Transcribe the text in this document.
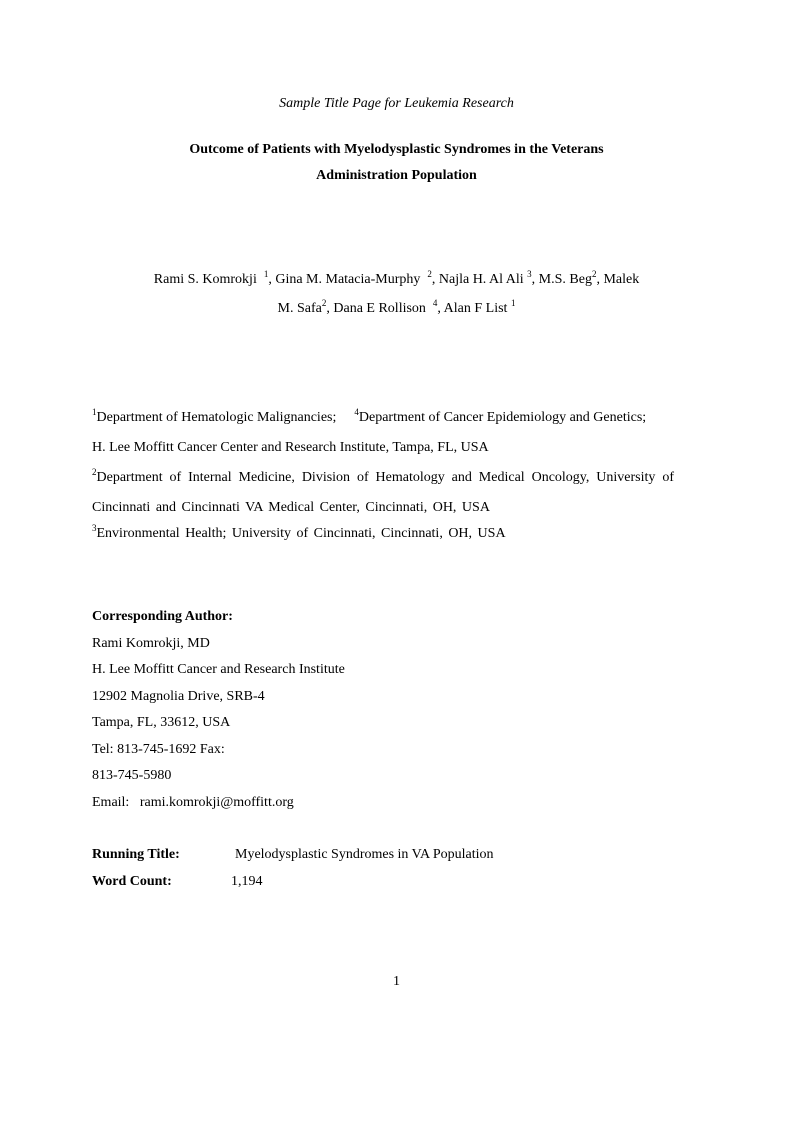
Sample Title Page for Leukemia Research
Outcome of Patients with Myelodysplastic Syndromes in the Veterans
Administration Population
Rami S. Komrokji $^1$, Gina M. Matacia-Murphy $^2$, Najla H. Al Ali $^3$, M.S. Beg$^2$, Malek
M. Safa$^2$, Dana E Rollison $^4$, Alan F List $^1$
$^1$Department of Hematologic Malignancies; $^4$Department of Cancer Epidemiology and Genetics;
H. Lee Moffitt Cancer Center and Research Institute, Tampa, FL, USA
$^2$Department of Internal Medicine, Division of Hematology and Medical Oncology, University of
Cincinnati and Cincinnati VA Medical Center, Cincinnati, OH, USA
$^3$Environmental Health; University of Cincinnati, Cincinnati, OH, USA
Corresponding Author:
Rami Komrokji, MD
H. Lee Moffitt Cancer and Research Institute
12902 Magnolia Drive, SRB-4
Tampa, FL, 33612, USA
Tel: 813-745-1692 Fax:
813-745-5980
Email: rami.komrokji@moffitt.org
Running Title:	Myelodysplastic Syndromes in VA Population
Word Count:	1,194
1
